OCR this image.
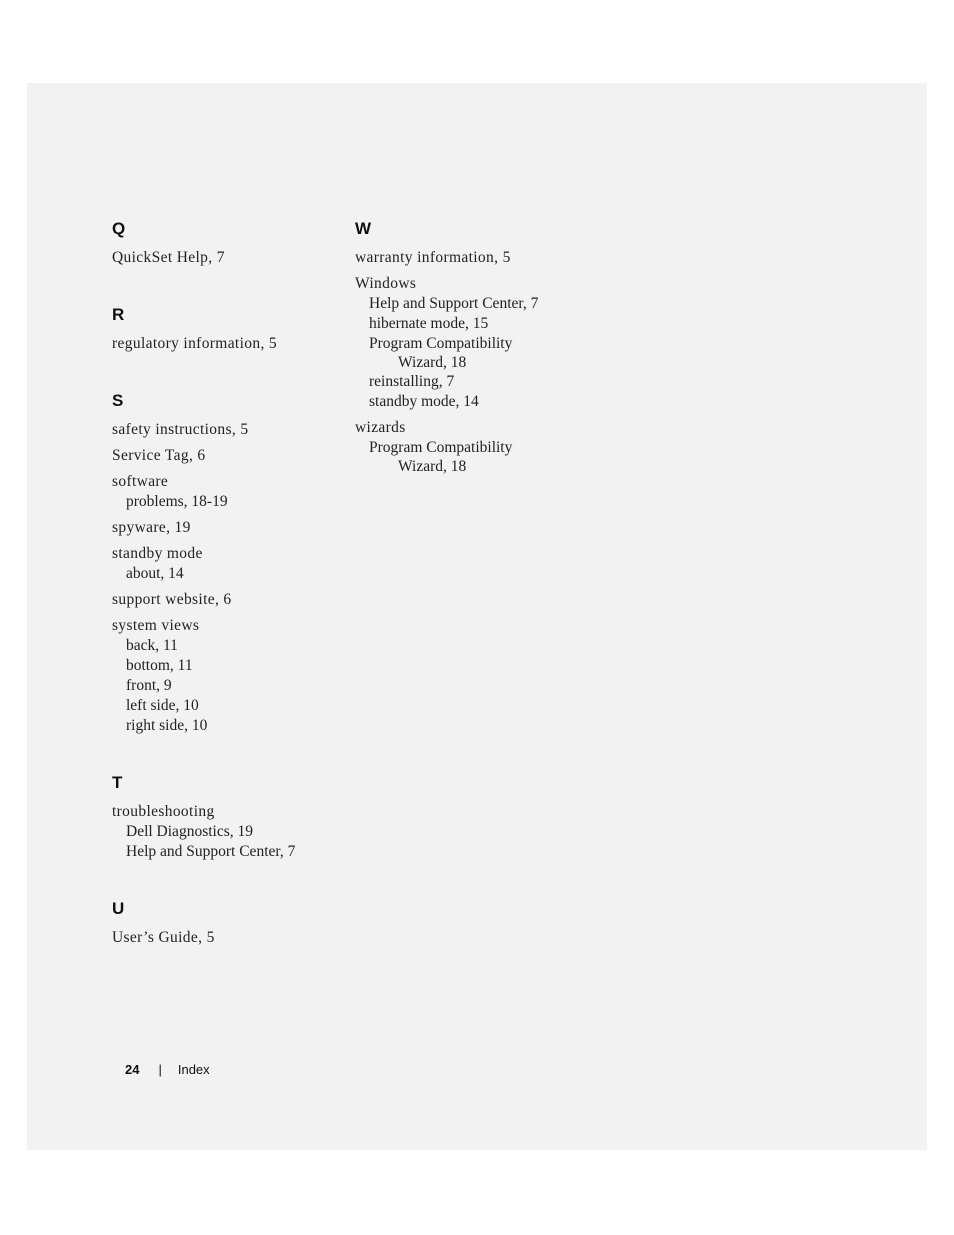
Q
QuickSet Help, 7
R
regulatory information, 5
S
safety instructions, 5
Service Tag, 6
software
problems, 18-19
spyware, 19
standby mode
about, 14
support website, 6
system views
back, 11
bottom, 11
front, 9
left side, 10
right side, 10
T
troubleshooting
Dell Diagnostics, 19
Help and Support Center, 7
U
User’s Guide, 5
W
warranty information, 5
Windows
Help and Support Center, 7
hibernate mode, 15
Program Compatibility
Wizard, 18
reinstalling, 7
standby mode, 14
wizards
Program Compatibility
Wizard, 18
24 | Index
